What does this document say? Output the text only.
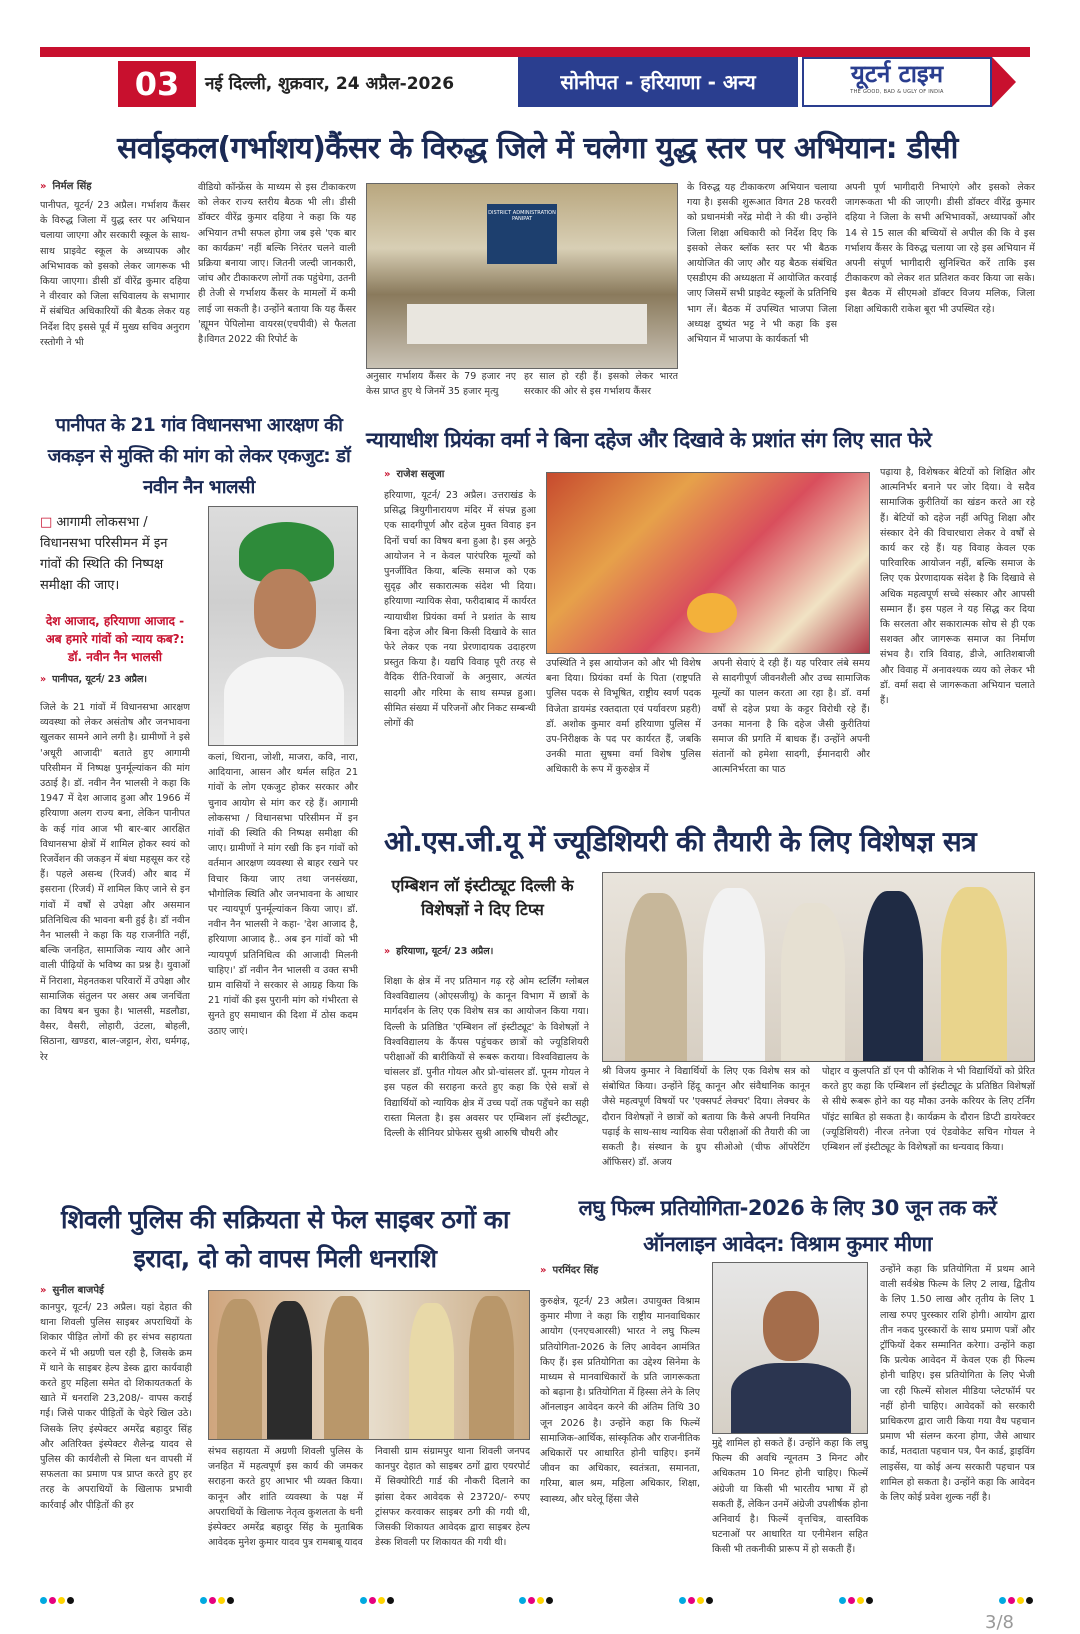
03	नई दिल्ली, शुक्रवार, 24 अप्रैल-2026	सोनीपत - हरियाणा - अन्य	यूटर्न टाइम
THE GOOD, BAD & UGLY OF INDIA
सर्वाइकल(गर्भाशय)कैंसर के विरुद्ध जिले में चलेगा युद्ध स्तर पर अभियान: डीसी
» निर्मल सिंह
पानीपत, यूटर्न/ 23 अप्रैल। गर्भाशय कैंसर के विरुद्ध जिला में युद्ध स्तर पर अभियान चलाया जाएगा और सरकारी स्कूल के साथ-साथ प्राइवेट स्कूल के अध्यापक और अभिभावक को इसको लेकर जागरूक भी किया जाएगा। डीसी डॉ वीरेंद्र कुमार दहिया ने वीरवार को जिला सचिवालय के सभागार में संबंधित अधिकारियों की बैठक लेकर यह निर्देश दिए इससे पूर्व में मुख्य सचिव अनुराग रस्तोगी ने भी
वीडियो कॉन्फ्रेंस के माध्यम से इस टीकाकरण को लेकर राज्य स्तरीय बैठक भी ली। डीसी डॉक्टर वीरेंद्र कुमार दहिया ने कहा कि यह अभियान तभी सफल होगा जब इसे 'एक बार का कार्यक्रम' नहीं बल्कि निरंतर चलने वाली प्रक्रिया बनाया जाए। जितनी जल्दी जानकारी, जांच और टीकाकरण लोगों तक पहुंचेगा, उतनी ही तेजी से गर्भाशय कैंसर के मामलों में कमी लाई जा सकती है। उन्होंने बताया कि यह कैंसर 'ह्यूमन पेपिलोमा वायरस(एचपीवी) से फैलता है।विगत 2022 की रिपोर्ट के
DISTRICT ADMINISTRATION PANIPAT
अनुसार गर्भाशय कैंसर के 79 हजार नए केस प्राप्त हुए थे जिनमें 35 हजार मृत्यु
हर साल हो रही हैं। इसको लेकर भारत सरकार की ओर से इस गर्भाशय कैंसर
के विरुद्ध यह टीकाकरण अभियान चलाया गया है। इसकी शुरूआत विगत 28 फरवरी को प्रधानमंत्री नरेंद्र मोदी ने की थी। उन्होंने जिला शिक्षा अधिकारी को निर्देश दिए कि इसको लेकर ब्लॉक स्तर पर भी बैठक आयोजित की जाए और यह बैठक संबंधित एसडीएम की अध्यक्षता में आयोजित करवाई जाए जिसमें सभी प्राइवेट स्कूलों के प्रतिनिधि भाग लें। बैठक में उपस्थित भाजपा जिला अध्यक्ष दुष्यंत भट्ट ने भी कहा कि इस अभियान में भाजपा के कार्यकर्ता भी
अपनी पूर्ण भागीदारी निभाएंगे और इसको लेकर जागरूकता भी की जाएगी। डीसी डॉक्टर वीरेंद्र कुमार दहिया ने जिला के सभी अभिभावकों, अध्यापकों और 14 से 15 साल की बच्चियों से अपील की कि वे इस गर्भाशय कैंसर के विरुद्ध चलाया जा रहे इस अभियान में अपनी संपूर्ण भागीदारी सुनिश्चित करें ताकि इस टीकाकरण को लेकर शत प्रतिशत कवर किया जा सके। इस बैठक में सीएमओ डॉक्टर विजय मलिक, जिला शिक्षा अधिकारी राकेश बूरा भी उपस्थित रहे।
पानीपत के 21 गांव विधानसभा आरक्षण की जकड़न से मुक्ति की मांग को लेकर एकजुट: डॉ नवीन नैन भालसी
□ आगामी लोकसभा / विधानसभा परिसीमन में इन गांवों की स्थिति की निष्पक्ष समीक्षा की जाए।
देश आजाद, हरियाणा आजाद - अब हमारे गांवों को न्याय कब?: डॉ. नवीन नैन भालसी
» पानीपत, यूटर्न/ 23 अप्रैल।
जिले के 21 गांवों में विधानसभा आरक्षण व्यवस्था को लेकर असंतोष और जनभावना खुलकर सामने आने लगी है। ग्रामीणों ने इसे 'अधूरी आजादी' बताते हुए आगामी परिसीमन में निष्पक्ष पुनर्मूल्यांकन की मांग उठाई है। डॉ. नवीन नैन भालसी ने कहा कि 1947 में देश आजाद हुआ और 1966 में हरियाणा अलग राज्य बना, लेकिन पानीपत के कई गांव आज भी बार-बार आरक्षित विधानसभा क्षेत्रों में शामिल होकर स्वयं को रिजर्वेशन की जकड़न में बंधा महसूस कर रहे हैं। पहले असन्ध (रिजर्व) और बाद में इसराना (रिजर्व) में शामिल किए जाने से इन गांवों में वर्षों से उपेक्षा और असमान प्रतिनिधित्व की भावना बनी हुई है। डॉ नवीन नैन भालसी ने कहा कि यह राजनीति नहीं, बल्कि जनहित, सामाजिक न्याय और आने वाली पीढ़ियों के भविष्य का प्रश्न है। युवाओं में निराशा, मेहनतकश परिवारों में उपेक्षा और सामाजिक संतुलन पर असर अब जनचिंता का विषय बन चुका है। भालसी, मडलौडा, वैसर, वैसरी, लोहारी, उंटला, बोहली, सिठाना, खण्डरा, बाल-जट्टान, शेरा, धर्मगढ़, रेर
कलां, थिराना, जोशी, माजरा, कवि, नारा, आदियाना, आसन और थर्मल सहित 21 गांवों के लोग एकजुट होकर सरकार और चुनाव आयोग से मांग कर रहे हैं। आगामी लोकसभा / विधानसभा परिसीमन में इन गांवों की स्थिति की निष्पक्ष समीक्षा की जाए। ग्रामीणों ने मांग रखी कि इन गांवों को वर्तमान आरक्षण व्यवस्था से बाहर रखने पर विचार किया जाए तथा जनसंख्या, भौगोलिक स्थिति और जनभावना के आधार पर न्यायपूर्ण पुनर्मूल्यांकन किया जाए। डॉ. नवीन नैन भालसी ने कहा- 'देश आजाद है, हरियाणा आजाद है.. अब इन गांवों को भी न्यायपूर्ण प्रतिनिधित्व की आजादी मिलनी चाहिए।' डॉ नवीन नैन भालसी व उक्त सभी ग्राम वासियों ने सरकार से आग्रह किया कि 21 गांवों की इस पुरानी मांग को गंभीरता से सुनते हुए समाधान की दिशा में ठोस कदम उठाए जाएं।
न्यायाधीश प्रियंका वर्मा ने बिना दहेज और दिखावे के प्रशांत संग लिए सात फेरे
» राजेश सलूजा
हरियाणा, यूटर्न/ 23 अप्रैल। उत्तराखंड के प्रसिद्ध त्रियुगीनारायण मंदिर में संपन्न हुआ एक सादगीपूर्ण और दहेज मुक्त विवाह इन दिनों चर्चा का विषय बना हुआ है। इस अनूठे आयोजन ने न केवल पारंपरिक मूल्यों को पुनर्जीवित किया, बल्कि समाज को एक सुदृढ़ और सकारात्मक संदेश भी दिया। हरियाणा न्यायिक सेवा, फरीदाबाद में कार्यरत न्यायाधीश प्रियंका वर्मा ने प्रशांत के साथ बिना दहेज और बिना किसी दिखावे के सात फेरे लेकर एक नया प्रेरणादायक उदाहरण प्रस्तुत किया है। यद्यपि विवाह पूरी तरह से वैदिक रीति-रिवाजों के अनुसार, अत्यंत सादगी और गरिमा के साथ सम्पन्न हुआ। सीमित संख्या में परिजनों और निकट सम्बन्धी लोगों की
उपस्थिति ने इस आयोजन को और भी विशेष बना दिया। प्रियंका वर्मा के पिता (राष्ट्रपति पुलिस पदक से विभूषित, राष्ट्रीय स्वर्ण पदक विजेता डायमंड रक्तदाता एवं पर्यावरण प्रहरी) डॉ. अशोक कुमार वर्मा हरियाणा पुलिस में उप-निरीक्षक के पद पर कार्यरत हैं, जबकि उनकी माता सुषमा वर्मा विशेष पुलिस अधिकारी के रूप में कुरुक्षेत्र में
अपनी सेवाएं दे रही हैं। यह परिवार लंबे समय से सादगीपूर्ण जीवनशैली और उच्च सामाजिक मूल्यों का पालन करता आ रहा है। डॉ. वर्मा वर्षों से दहेज प्रथा के कट्टर विरोधी रहे हैं। उनका मानना है कि दहेज जैसी कुरीतियां समाज की प्रगति में बाधक हैं। उन्होंने अपनी संतानों को हमेशा सादगी, ईमानदारी और आत्मनिर्भरता का पाठ
पढ़ाया है, विशेषकर बेटियों को शिक्षित और आत्मनिर्भर बनाने पर जोर दिया। वे सदैव सामाजिक कुरीतियों का खंडन करते आ रहे हैं। बेटियों को दहेज नहीं अपितु शिक्षा और संस्कार देने की विचारधारा लेकर वे वर्षों से कार्य कर रहे हैं। यह विवाह केवल एक पारिवारिक आयोजन नहीं, बल्कि समाज के लिए एक प्रेरणादायक संदेश है कि दिखावे से अधिक महत्वपूर्ण सच्चे संस्कार और आपसी सम्मान हैं। इस पहल ने यह सिद्ध कर दिया कि सरलता और सकारात्मक सोच से ही एक सशक्त और जागरूक समाज का निर्माण संभव है। रात्रि विवाह, डीजे, आतिशबाजी और विवाह में अनावश्यक व्यय को लेकर भी डॉ. वर्मा सदा से जागरूकता अभियान चलाते हैं।
ओ.एस.जी.यू में ज्यूडिशियरी की तैयारी के लिए विशेषज्ञ सत्र
एम्बिशन लॉ इंस्टीट्यूट दिल्ली के विशेषज्ञों ने दिए टिप्स
» हरियाणा, यूटर्न/ 23 अप्रैल।
शिक्षा के क्षेत्र में नए प्रतिमान गढ़ रहे ओम स्टर्लिंग ग्लोबल विश्वविद्यालय (ओएसजीयू) के कानून विभाग में छात्रों के मार्गदर्शन के लिए एक विशेष सत्र का आयोजन किया गया। दिल्ली के प्रतिष्ठित 'एम्बिशन लॉ इंस्टीट्यूट' के विशेषज्ञों ने विश्वविद्यालय के कैंपस पहुंचकर छात्रों को ज्यूडिशियरी परीक्षाओं की बारीकियों से रूबरू कराया। विश्वविद्यालय के चांसलर डॉ. पुनीत गोयल और प्रो-चांसलर डॉ. पूनम गोयल ने इस पहल की सराहना करते हुए कहा कि ऐसे सत्रों से विद्यार्थियों को न्यायिक क्षेत्र में उच्च पदों तक पहुँचने का सही रास्ता मिलता है। इस अवसर पर एम्बिशन लॉ इंस्टीट्यूट, दिल्ली के सीनियर प्रोफेसर सुश्री आरुषि चौधरी और
श्री विजय कुमार ने विद्यार्थियों के लिए एक विशेष सत्र को संबोधित किया। उन्होंने हिंदू कानून और संवैधानिक कानून जैसे महत्वपूर्ण विषयों पर 'एक्सपर्ट लेक्चर' दिया। लेक्चर के दौरान विशेषज्ञों ने छात्रों को बताया कि कैसे अपनी नियमित पढ़ाई के साथ-साथ न्यायिक सेवा परीक्षाओं की तैयारी की जा सकती है। संस्थान के ग्रुप सीओओ (चीफ ऑपरेटिंग ऑफिसर) डॉ. अजय
पोद्दार व कुलपति डॉ एन पी कौशिक ने भी विद्यार्थियों को प्रेरित करते हुए कहा कि एम्बिशन लॉ इंस्टीट्यूट के प्रतिष्ठित विशेषज्ञों से सीधे रूबरू होने का यह मौका उनके करियर के लिए टर्निंग पॉइंट साबित हो सकता है। कार्यक्रम के दौरान डिप्टी डायरेक्टर (ज्यूडिशियरी) नीरज तनेजा एवं ऐडवोकेट सचिन गोयल ने एम्बिशन लॉ इंस्टीट्यूट के विशेषज्ञों का धन्यवाद किया।
शिवली पुलिस की सक्रियता से फेल साइबर ठगों का इरादा, दो को वापस मिली धनराशि
» सुनील बाजपेई
कानपुर, यूटर्न/ 23 अप्रैल। यहां देहात की थाना शिवली पुलिस साइबर अपराधियों के शिकार पीड़ित लोगों की हर संभव सहायता करने में भी अग्रणी चल रही है, जिसके क्रम में थाने के साइबर हेल्प डेस्क द्वारा कार्यवाही करते हुए महिला समेत दो शिकायतकर्ता के खाते में धनराशि 23,208/- वापस कराई गई। जिसे पाकर पीड़ितों के चेहरे खिल उठे। जिसके लिए इंस्पेक्टर अमरेंद्र बहादुर सिंह और अतिरिक्त इंस्पेक्टर शैलेन्द्र यादव से पुलिस की कार्यशैली से मिला धन वापसी में सफलता का प्रमाण पत्र प्राप्त करते हुए हर तरह के अपराधियों के खिलाफ प्रभावी कार्रवाई और पीड़ितों की हर
संभव सहायता में अग्रणी शिवली पुलिस के जनहित में महत्वपूर्ण इस कार्य की जमकर सराहना करते हुए आभार भी व्यक्त किया। कानून और शांति व्यवस्था के पक्ष में अपराधियों के खिलाफ नेतृत्व कुशलता के धनी इंस्पेक्टर अमरेंद्र बहादुर सिंह के मुताबिक आवेदक मुनेश कुमार यादव पुत्र रामबाबू यादव
निवासी ग्राम संग्रामपुर थाना शिवली जनपद कानपुर देहात को साइबर ठगों द्वारा एयरपोर्ट में सिक्योरिटी गार्ड की नौकरी दिलाने का झांसा देकर आवेदक से 23720/- रुपए ट्रांसफर करवाकर साइबर ठगी की गयी थी, जिसकी शिकायत आवेदक द्वारा साइबर हेल्प डेस्क शिवली पर शिकायत की गयी थी।
लघु फिल्म प्रतियोगिता-2026 के लिए 30 जून तक करें ऑनलाइन आवेदन: विश्राम कुमार मीणा
» परमिंदर सिंह
कुरुक्षेत्र, यूटर्न/ 23 अप्रैल। उपायुक्त विश्राम कुमार मीणा ने कहा कि राष्ट्रीय मानवाधिकार आयोग (एनएचआरसी) भारत ने लघु फिल्म प्रतियोगिता-2026 के लिए आवेदन आमंत्रित किए हैं। इस प्रतियोगिता का उद्देश्य सिनेमा के माध्यम से मानवाधिकारों के प्रति जागरूकता को बढ़ाना है। प्रतियोगिता में हिस्सा लेने के लिए ऑनलाइन आवेदन करने की अंतिम तिथि 30 जून 2026 है। उन्होंने कहा कि फिल्में सामाजिक-आर्थिक, सांस्कृतिक और राजनीतिक अधिकारों पर आधारित होनी चाहिए। इनमें जीवन का अधिकार, स्वतंत्रता, समानता, गरिमा, बाल श्रम, महिला अधिकार, शिक्षा, स्वास्थ्य, और घरेलू हिंसा जैसे
मुद्दे शामिल हो सकते हैं। उन्होंने कहा कि लघु फिल्म की अवधि न्यूनतम 3 मिनट और अधिकतम 10 मिनट होनी चाहिए। फिल्में अंग्रेजी या किसी भी भारतीय भाषा में हो सकती हैं, लेकिन उनमें अंग्रेजी उपशीर्षक होना अनिवार्य है। फिल्में वृत्तचित्र, वास्तविक घटनाओं पर आधारित या एनीमेशन सहित किसी भी तकनीकी प्रारूप में हो सकती हैं।
उन्होंने कहा कि प्रतियोगिता में प्रथम आने वाली सर्वश्रेष्ठ फिल्म के लिए 2 लाख, द्वितीय के लिए 1.50 लाख और तृतीय के लिए 1 लाख रुपए पुरस्कार राशि होगी। आयोग द्वारा तीन नकद पुरस्कारों के साथ प्रमाण पत्रों और ट्रॉफियों देकर सम्मानित करेगा। उन्होंने कहा कि प्रत्येक आवेदन में केवल एक ही फिल्म होनी चाहिए। इस प्रतियोगिता के लिए भेजी जा रही फिल्में सोशल मीडिया प्लेटफॉर्म पर नहीं होनी चाहिए। आवेदकों को सरकारी प्राधिकरण द्वारा जारी किया गया वैध पहचान प्रमाण भी संलग्न करना होगा, जैसे आधार कार्ड, मतदाता पहचान पत्र, पैन कार्ड, ड्राइविंग लाइसेंस, या कोई अन्य सरकारी पहचान पत्र शामिल हो सकता है। उन्होंने कहा कि आवेदन के लिए कोई प्रवेश शुल्क नहीं है।
3/8
